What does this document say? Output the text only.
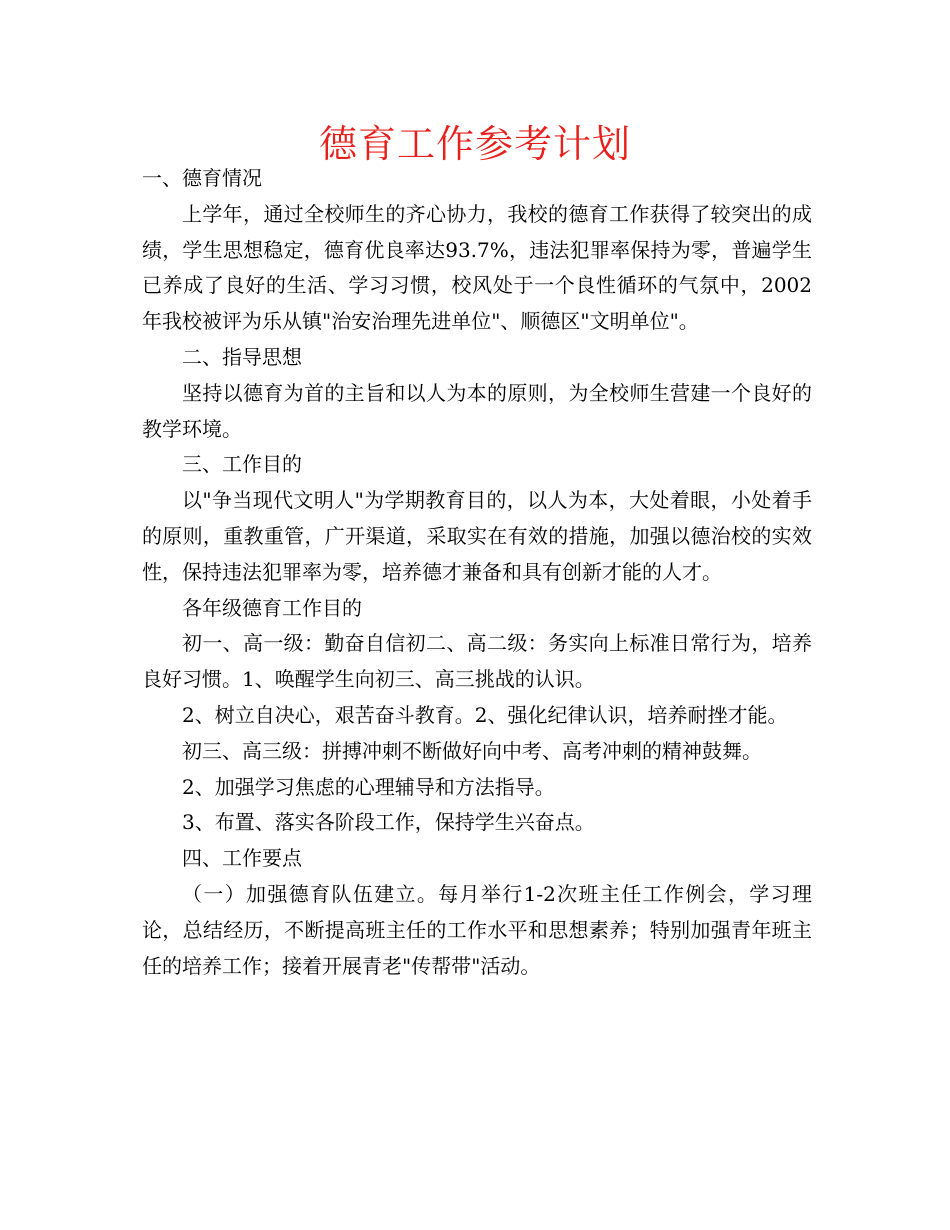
德育工作参考计划

一、德育情况

上学年，通过全校师生的齐心协力，我校的德育工作获得了较突出的成绩，学生思想稳定，德育优良率达93.7%，违法犯罪率保持为零，普遍学生已养成了良好的生活、学习习惯，校风处于一个良性循环的气氛中，2002年我校被评为乐从镇"治安治理先进单位"、顺德区"文明单位"。

二、指导思想

坚持以德育为首的主旨和以人为本的原则，为全校师生营建一个良好的教学环境。

三、工作目的

以"争当现代文明人"为学期教育目的，以人为本，大处着眼，小处着手的原则，重教重管，广开渠道，采取实在有效的措施，加强以德治校的实效性，保持违法犯罪率为零，培养德才兼备和具有创新才能的人才。

各年级德育工作目的

初一、高一级：勤奋自信初二、高二级：务实向上标准日常行为，培养良好习惯。1、唤醒学生向初三、高三挑战的认识。

2、树立自决心，艰苦奋斗教育。2、强化纪律认识，培养耐挫才能。

初三、高三级：拼搏冲刺不断做好向中考、高考冲刺的精神鼓舞。

2、加强学习焦虑的心理辅导和方法指导。

3、布置、落实各阶段工作，保持学生兴奋点。

四、工作要点

（一）加强德育队伍建立。每月举行1-2次班主任工作例会，学习理论，总结经历，不断提高班主任的工作水平和思想素养；特别加强青年班主任的培养工作；接着开展青老"传帮带"活动。
